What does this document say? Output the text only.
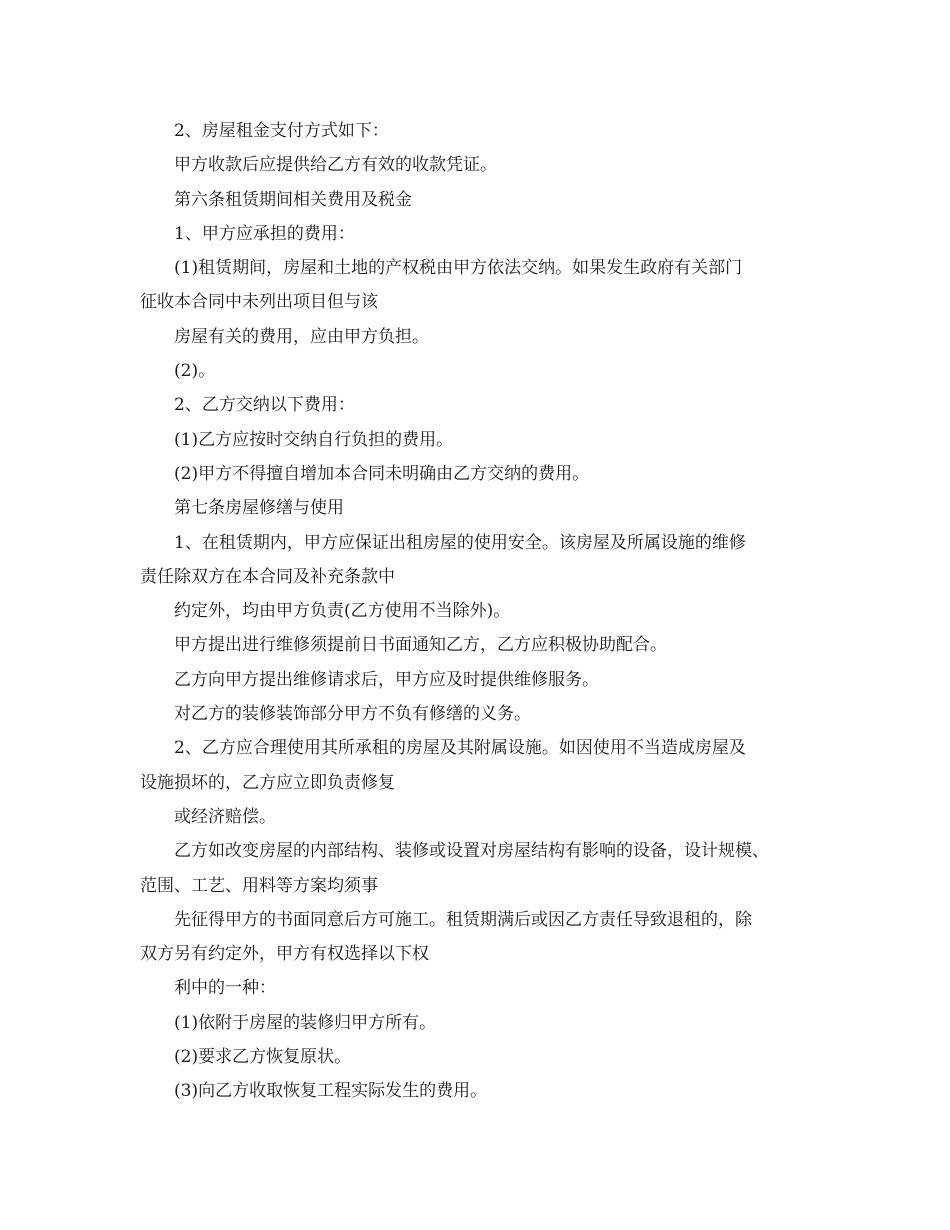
2、房屋租金支付方式如下：
甲方收款后应提供给乙方有效的收款凭证。
第六条租赁期间相关费用及税金
1、甲方应承担的费用：
(1)租赁期间，房屋和土地的产权税由甲方依法交纳。如果发生政府有关部门
征收本合同中未列出项目但与该
房屋有关的费用，应由甲方负担。
(2)。
2、乙方交纳以下费用：
(1)乙方应按时交纳自行负担的费用。
(2)甲方不得擅自增加本合同未明确由乙方交纳的费用。
第七条房屋修缮与使用
1、在租赁期内，甲方应保证出租房屋的使用安全。该房屋及所属设施的维修
责任除双方在本合同及补充条款中
约定外，均由甲方负责(乙方使用不当除外)。
甲方提出进行维修须提前日书面通知乙方，乙方应积极协助配合。
乙方向甲方提出维修请求后，甲方应及时提供维修服务。
对乙方的装修装饰部分甲方不负有修缮的义务。
2、乙方应合理使用其所承租的房屋及其附属设施。如因使用不当造成房屋及
设施损坏的，乙方应立即负责修复
或经济赔偿。
乙方如改变房屋的内部结构、装修或设置对房屋结构有影响的设备，设计规模、
范围、工艺、用料等方案均须事
先征得甲方的书面同意后方可施工。租赁期满后或因乙方责任导致退租的，除
双方另有约定外，甲方有权选择以下权
利中的一种：
(1)依附于房屋的装修归甲方所有。
(2)要求乙方恢复原状。
(3)向乙方收取恢复工程实际发生的费用。
